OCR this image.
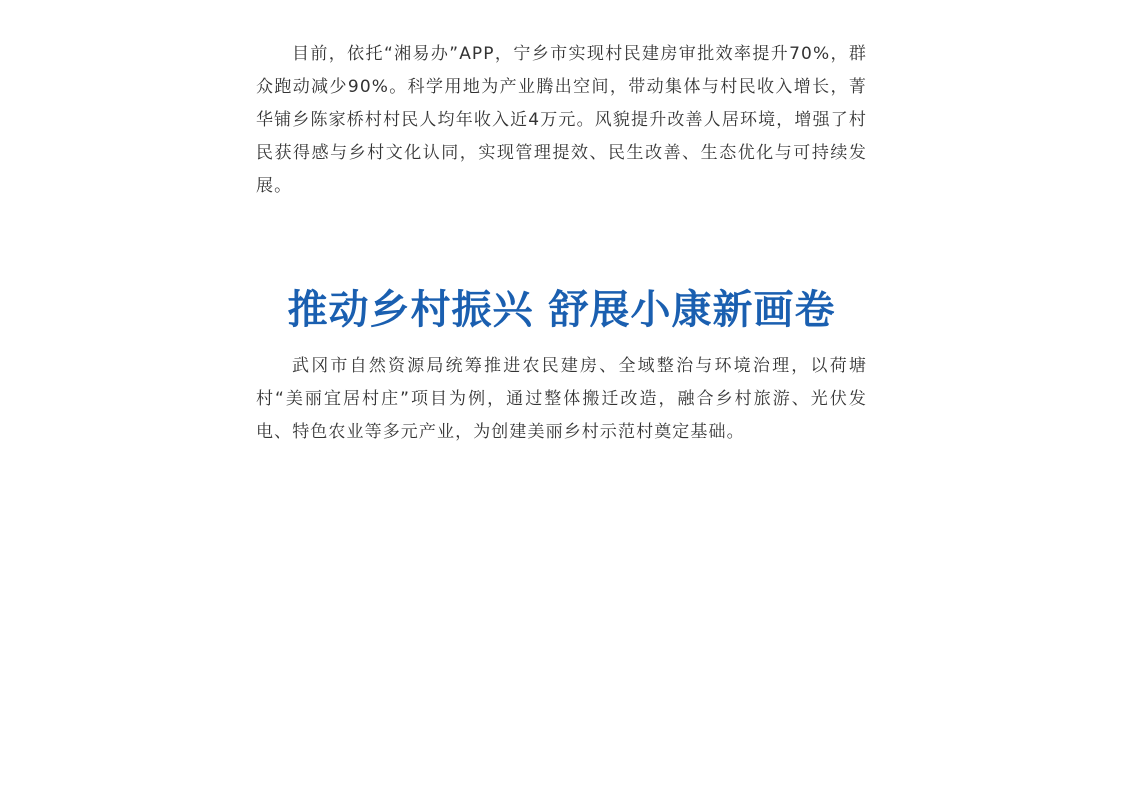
目前，依托“湘易办”APP，宁乡市实现村民建房审批效率提升70%，群众跑动减少90%。科学用地为产业腾出空间，带动集体与村民收入增长，菁华铺乡陈家桥村村民人均年收入近4万元。风貌提升改善人居环境，增强了村民获得感与乡村文化认同，实现管理提效、民生改善、生态优化与可持续发展。

推动乡村振兴 舒展小康新画卷

武冈市自然资源局统筹推进农民建房、全域整治与环境治理，以荷塘村“美丽宜居村庄”项目为例，通过整体搬迁改造，融合乡村旅游、光伏发电、特色农业等多元产业，为创建美丽乡村示范村奠定基础。
